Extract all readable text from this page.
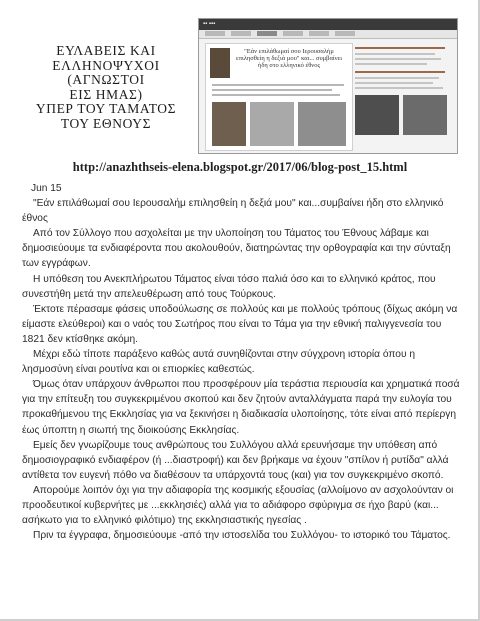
ΕΥΛΑΒΕΙΣ ΚΑΙ
ΕΛΛΗΝΟΨΥΧΟΙ
(ΑΓΝΩΣΤΟΙ
ΕΙΣ ΗΜΑΣ)
ΥΠΕΡ ΤΟΥ ΤΑΜΑΤΟΣ
ΤΟΥ ΕΘΝΟΥΣ
▪▪ ▪▪▪
"Εάν επιλάθωμαί σου Ιερουσαλήμ επιλησθείη η δεξιά μου" και... συμβαίνει ήδη στο ελληνικό έθνος
http://anazhthseis-elena.blogspot.gr/2017/06/blog-post_15.html

Jun 15

"Εάν επιλάθωμαί σου Ιερουσαλήμ επιλησθείη η δεξιά μου" και...συμβαίνει ήδη στο ελληνικό έθνος

Από τον Σύλλογο που ασχολείται με την υλοποίηση του Τάματος του Έθνους λάβαμε και δημοσιεύουμε τα ενδιαφέροντα που ακολουθούν, διατηρώντας την ορθογραφία και την σύνταξη των εγγράφων.

Η υπόθεση του Ανεκπλήρωτου Τάματος είναι τόσο παλιά όσο και το ελληνικό κράτος, που συνεστήθη μετά την απελευθέρωση από τους Τούρκους.

Έκτοτε πέρασαμε φάσεις υποδούλωσης σε πολλούς και με πολλούς τρόπους (δίχως ακόμη να είμαστε ελεύθεροι) και ο ναός του Σωτήρος που είναι το Τάμα για την εθνική παλιγγενεσία του 1821 δεν κτίσθηκε ακόμη.

Μέχρι εδώ τίποτε παράξενο καθώς αυτά συνηθίζονται στην σύγχρονη ιστορία όπου η λησμοσύνη είναι ρουτίνα και οι επιορκίες καθεστώς.

Όμως όταν υπάρχουν άνθρωποι που προσφέρουν μία τεράστια περιουσία και χρηματικά ποσά για την επίτευξη του συγκεκριμένου σκοπού και δεν ζητούν ανταλλάγματα παρά την ευλογία του προκαθήμενου της Εκκλησίας για να ξεκινήσει η διαδικασία υλοποίησης, τότε είναι από περίεργη έως ύποπτη η σιωπή της διοικούσης Εκκλησίας.

Εμείς δεν γνωρίζουμε τους ανθρώπους του Συλλόγου αλλά ερευνήσαμε την υπόθεση από δημοσιογραφικό ενδιαφέρον (ή ...διαστροφή) και δεν βρήκαμε να έχουν "σπίλον ή ρυτίδα" αλλά αντίθετα τον ευγενή πόθο να διαθέσουν τα υπάρχοντά τους (και) για τον συγκεκριμένο σκοπό.

Απορούμε λοιπόν όχι για την αδιαφορία της κοσμικής εξουσίας (αλλοίμονο αν ασχολούνταν οι προοδευτικοί κυβερνήτες με ...εκκλησιές) αλλά για το αδιάφορο σφύριγμα σε ήχο βαρύ (και... ασήκωτο για το ελληνικό φιλότιμο) της εκκλησιαστικής ηγεσίας .

Πριν τα έγγραφα, δημοσιεύουμε -από την ιστοσελίδα του Συλλόγου- το ιστορικό του Τάματος.
